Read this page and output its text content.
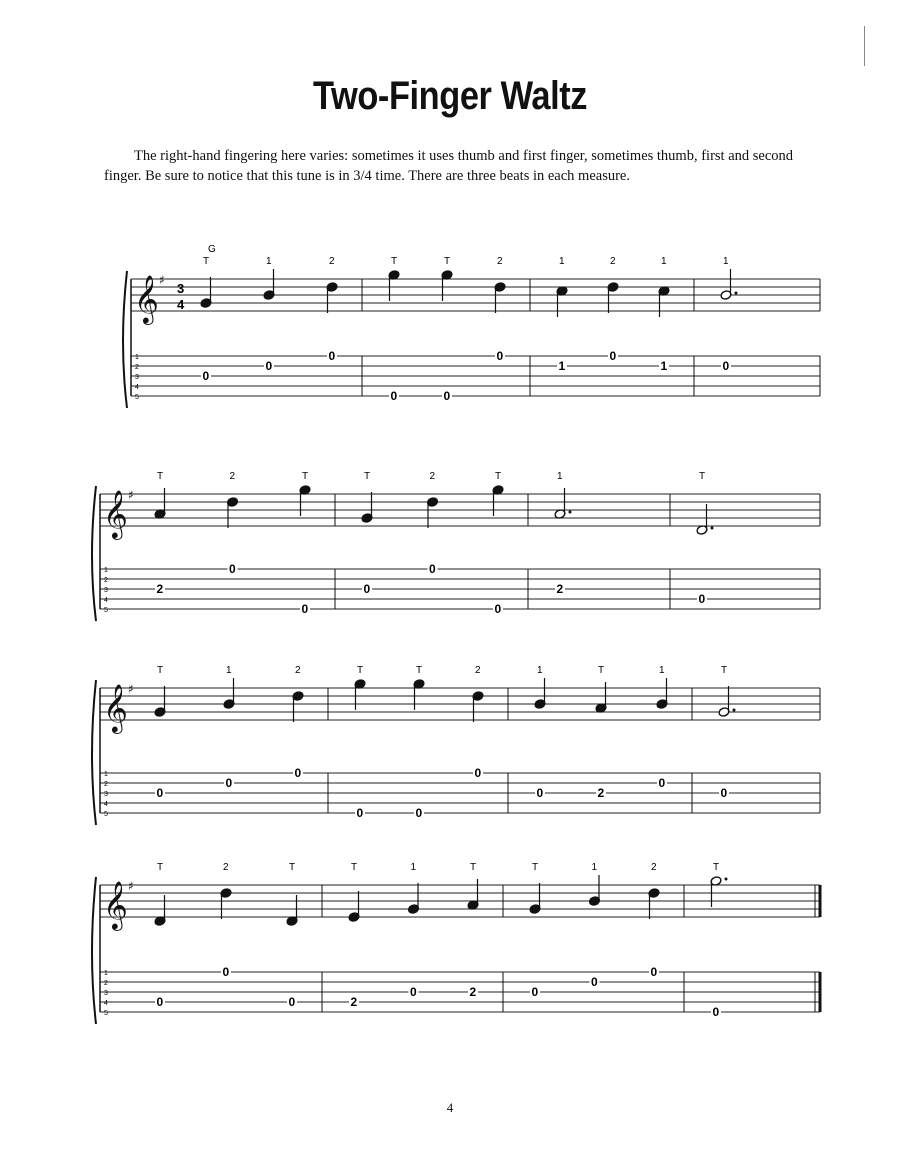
Two-Finger Waltz

The right-hand fingering here varies: sometimes it uses thumb and first finger, sometimes thumb, first and second finger. Be sure to notice that this tune is in 3/4 time. There are three beats in each measure.

𝄞 ♯
1
2
3
4
5
3
4
G
T
0
1
0
2
0
T
0
T
0
2
0
1
1
2
0
1
1
1
0
𝄞 ♯
1
2
3
4
5
T
2
2
0
T
0
T
0
2
0
T
0
1
2
T
0
𝄞 ♯
1
2
3
4
5
T
0
1
0
2
0
T
0
T
0
2
0
1
0
T
2
1
0
T
0
𝄞 ♯
1
2
3
4
5
T
0
2
0
T
0
T
2
1
0
T
2
T
0
1
0
2
0
T
0
4
